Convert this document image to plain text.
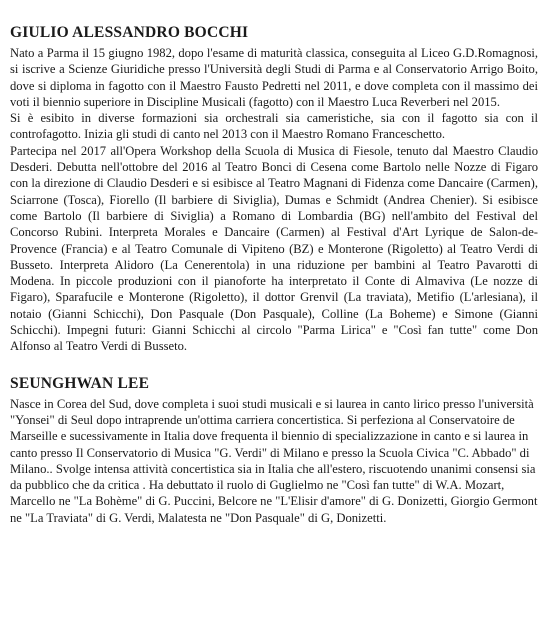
GIULIO ALESSANDRO BOCCHI

Nato a Parma il 15 giugno 1982, dopo l'esame di maturità classica, conseguita al Liceo G.D.Romagnosi, si iscrive a Scienze Giuridiche presso l'Università degli Studi di Parma e al Conservatorio Arrigo Boito, dove si diploma in fagotto con il Maestro Fausto Pedretti nel 2011, e dove completa con il massimo dei voti il biennio superiore in Discipline Musicali (fagotto) con il Maestro Luca Reverberi nel 2015.

Si è esibito in diverse formazioni sia orchestrali sia cameristiche, sia con il fagotto sia con il controfagotto. Inizia gli studi di canto nel 2013 con il Maestro Romano Franceschetto.

Partecipa nel 2017 all'Opera Workshop della Scuola di Musica di Fiesole, tenuto dal Maestro Claudio Desderi. Debutta nell'ottobre del 2016 al Teatro Bonci di Cesena come Bartolo nelle Nozze di Figaro con la direzione di Claudio Desderi e si esibisce al Teatro Magnani di Fidenza come Dancaire (Carmen), Sciarrone (Tosca), Fiorello (Il barbiere di Siviglia), Dumas e Schmidt (Andrea Chenier). Si esibisce come Bartolo (Il barbiere di Siviglia) a Romano di Lombardia (BG) nell'ambito del Festival del Concorso Rubini. Interpreta Morales e Dancaire (Carmen) al Festival d'Art Lyrique de Salon-de-Provence (Francia) e al Teatro Comunale di Vipiteno (BZ) e Monterone (Rigoletto) al Teatro Verdi di Busseto. Interpreta Alidoro (La Cenerentola) in una riduzione per bambini al Teatro Pavarotti di Modena. In piccole produzioni con il pianoforte ha interpretato il Conte di Almaviva (Le nozze di Figaro), Sparafucile e Monterone (Rigoletto), il dottor Grenvil (La traviata), Metifio (L'arlesiana), il notaio (Gianni Schicchi), Don Pasquale (Don Pasquale), Colline (La Boheme) e Simone (Gianni Schicchi). Impegni futuri: Gianni Schicchi al circolo "Parma Lirica" e "Così fan tutte" come Don Alfonso al Teatro Verdi di Busseto.

SEUNGHWAN LEE

Nasce in Corea del Sud, dove completa i suoi studi musicali e si laurea in canto lirico presso l'università "Yonsei" di Seul dopo intraprende un'ottima carriera concertistica. Si perfeziona al Conservatoire de Marseille e sucessivamente in Italia dove frequenta il biennio di specializzazione in canto e si laurea in canto presso Il Conservatorio di Musica "G. Verdi" di Milano e presso la Scuola Civica "C. Abbado" di Milano.. Svolge intensa attività concertistica sia in Italia che all'estero, riscuotendo unanimi consensi sia da pubblico che da critica . Ha debuttato il ruolo di Guglielmo ne "Così fan tutte" di W.A. Mozart, Marcello ne "La Bohème" di G. Puccini, Belcore ne "L'Elisir d'amore" di G. Donizetti, Giorgio Germont ne "La Traviata" di G. Verdi, Malatesta ne "Don Pasquale" di G, Donizetti.
